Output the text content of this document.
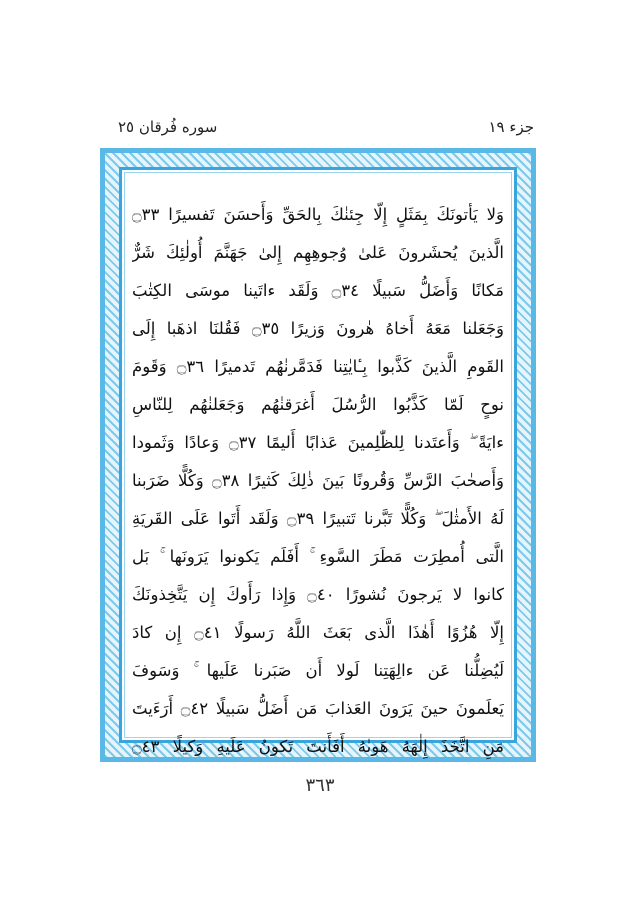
جزء ١٩
سوره فُرقان ٢٥
وَلا يَأتونَكَ بِمَثَلٍ إِلّا جِئنٰكَ بِالحَقِّ وَأَحسَنَ تَفسيرًا ۝٣٣
الَّذينَ يُحشَرونَ عَلىٰ وُجوهِهِم إِلىٰ جَهَنَّمَ أُولٰئِكَ شَرٌّ
مَكانًا وَأَضَلُّ سَبيلًا ۝٣٤ وَلَقَد ءاتَينا موسَى الكِتٰبَ
وَجَعَلنا مَعَهُ أَخاهُ هٰرونَ وَزيرًا ۝٣٥ فَقُلنَا اذهَبا إِلَى
القَومِ الَّذينَ كَذَّبوا بِـٔايٰتِنا فَدَمَّرنٰهُم تَدميرًا ۝٣٦ وَقَومَ
نوحٍ لَمّا كَذَّبُوا الرُّسُلَ أَغرَقنٰهُم وَجَعَلنٰهُم لِلنّاسِ
ءايَةً ۖ وَأَعتَدنا لِلظّٰلِمينَ عَذابًا أَليمًا ۝٣٧ وَعادًا وَثَمودا
وَأَصحٰبَ الرَّسِّ وَقُرونًا بَينَ ذٰلِكَ كَثيرًا ۝٣٨ وَكُلًّا ضَرَبنا
لَهُ الأَمثٰلَ ۖ وَكُلًّا تَبَّرنا تَتبيرًا ۝٣٩ وَلَقَد أَتَوا عَلَى القَريَةِ
الَّتى أُمطِرَت مَطَرَ السَّوءِ ۚ أَفَلَم يَكونوا يَرَونَها ۚ بَل
كانوا لا يَرجونَ نُشورًا ۝٤٠ وَإِذا رَأَوكَ إِن يَتَّخِذونَكَ
إِلّا هُزُوًا أَهٰذَا الَّذى بَعَثَ اللَّهُ رَسولًا ۝٤١ إِن كادَ
لَيُضِلُّنا عَن ءالِهَتِنا لَولا أَن صَبَرنا عَلَيها ۚ وَسَوفَ
يَعلَمونَ حينَ يَرَونَ العَذابَ مَن أَضَلُّ سَبيلًا ۝٤٢ أَرَءَيتَ
مَنِ اتَّخَذَ إِلٰهَهُ هَوىٰهُ أَفَأَنتَ تَكونُ عَلَيهِ وَكيلًا ۝٤٣
٣٦٣
